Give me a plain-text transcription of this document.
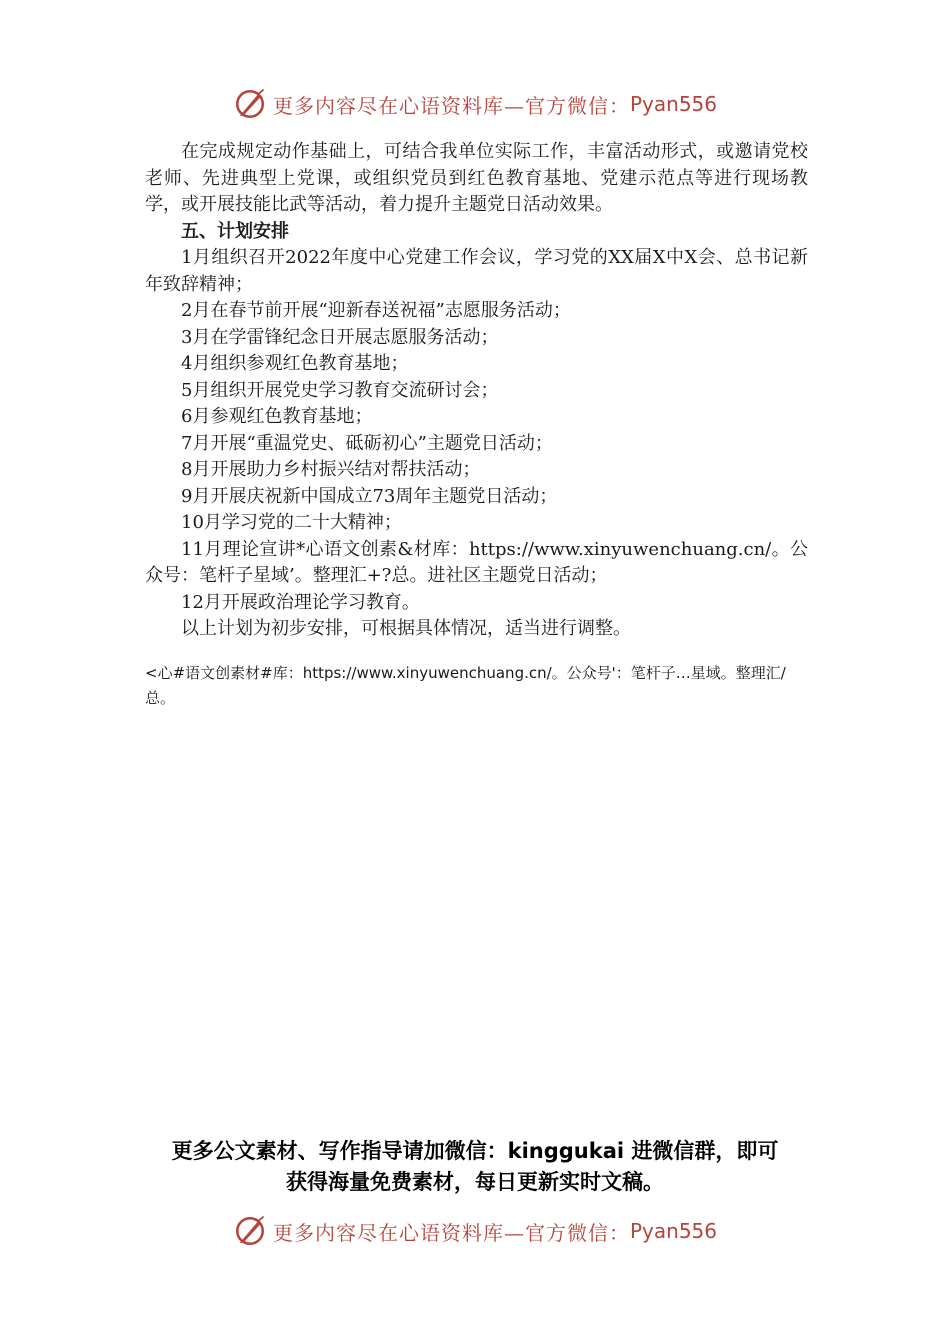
更多内容尽在心语资料库—官方微信： Pyan556

在完成规定动作基础上，可结合我单位实际工作，丰富活动形式，或邀请党校老师、先进典型上党课，或组织党员到红色教育基地、党建示范点等进行现场教学，或开展技能比武等活动，着力提升主题党日活动效果。

五、计划安排

1月组织召开2022年度中心党建工作会议，学习党的XX届X中X会、总书记新年致辞精神；

2月在春节前开展“迎新春送祝福”志愿服务活动；

3月在学雷锋纪念日开展志愿服务活动；

4月组织参观红色教育基地；

5月组织开展党史学习教育交流研讨会；

6月参观红色教育基地；

7月开展“重温党史、砥砺初心”主题党日活动；

8月开展助力乡村振兴结对帮扶活动；

9月开展庆祝新中国成立73周年主题党日活动；

10月学习党的二十大精神；

11月理论宣讲*心语文创素&材库：https://www.xinyuwenchuang.cn/。公众号：笔杆子星域’。整理汇+?总。进社区主题党日活动；

12月开展政治理论学习教育。

以上计划为初步安排，可根据具体情况，适当进行调整。

<心#语文创素材#库：https://www.xinyuwenchuang.cn/。公众号'：笔杆子…星域。整理汇/总。
更多公文素材、写作指导请加微信：kinggukai 进微信群，即可
获得海量免费素材，每日更新实时文稿。
更多内容尽在心语资料库—官方微信： Pyan556
